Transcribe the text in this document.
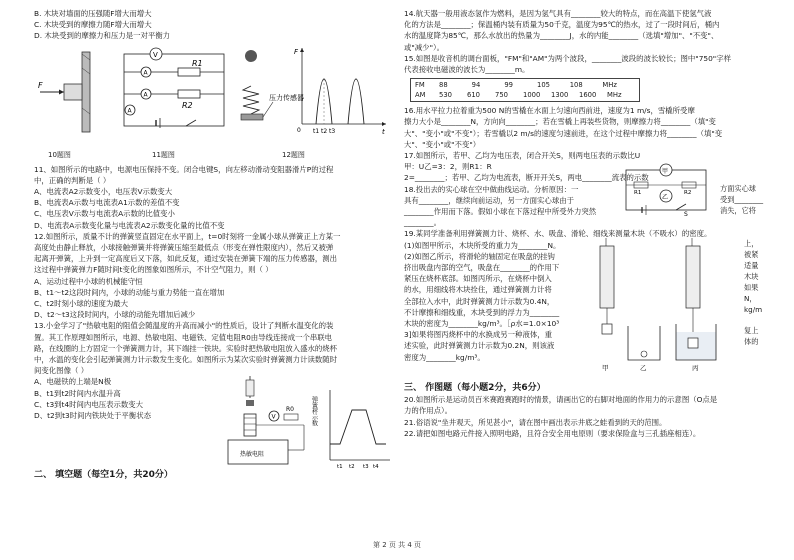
B. 木块对墙面的压强随F增大而增大

C. 木块受到的摩擦力随F增大而增大

D. 木块受到的摩擦力和压力是一对平衡力

F
V
R1
A
R2
A
A
压力传感器
F
t
0 t1 t2 t3
10题图	11题图	12题图

11、如图所示的电路中，电源电压保持不变。闭合电键S，向左移动滑动变阻器滑片P的过程

中，正确的判断是（ ）

A、电流表A2示数变小，电压表V示数变大

B、电流表A示数与电流表A1示数的差值不变

C、电压表V示数与电流表A示数的比值变小

D、电流表A示数变化量与电流表A2示数变化量的比值不变

12.如图所示，质量不计的弹簧竖直固定在水平面上，t=0时刻将一金属小球从弹簧正上方某一

高度处由静止释放，小球接触弹簧并将弹簧压缩至最低点（形变在弹性限度内），然后又被弹

起离开弹簧，上升到一定高度后又下落，如此反复，通过安装在弹簧下端的压力传感器，测出

这过程中弹簧弹力F随时间t变化的图象如图所示，不计空气阻力，则（ ）

A、运动过程中小球的机械能守恒

B、t1～t2这段时间内，小球的动能与重力势能一直在增加

C、t2时刻小球的速度为最大

D、t2～t3这段时间内，小球的动能先增加后减少

13.小金学习了"热敏电阻的阻值会随温度的升高而减小"的性质后，设计了判断水温变化的装

置。其工作原理如图所示，电源、热敏电阻、电磁铁、定值电阻R0由导线连接成一个串联电

路，在线圈的上方固定一个弹簧测力计，其下端挂一铁块。实验时把热敏电阻放入盛水的烧杯

中，水温的变化会引起弹簧测力计示数发生变化。如图所示为某次实验时弹簧测力计读数随时

间变化图像（ ）

A、电磁铁的上端是N极

B、t1到t2时间内水温升高

C、t3到t4时间内电压表示数变大

D、t2到t3时间内铁块处于平衡状态	V
R0
热敏电阻
弹簧秤示数
t1 t2 t3 t4

二、 填空题（每空1分，共20分）

14.航天器一般用液态氢作为燃料，是因为氢气具有________较大的特点，而在高温下使氢气液

化的方法是________；保温桶内装有质量为50千克，温度为95℃的热水，过了一段时间后，桶内

水的温度降为85℃，那么水放出的热量为________J，水的内能________（选填"增加"、"不变"、

或"减少"）。

15.如图是收音机的调台面板，"FM"和"AM"为两个波段，________波段的波长较长；图中"750"字样

代表接收电磁波的波长为________m。

FM	88	94	99	105	108	MHz
AM	530	610	750	1000	1300	1600	MHz

16.用水平拉力拉着重为500 N的雪橇在水面上匀速向西前进，速度为1 m/s，雪橇所受摩

擦力大小是________N，方向向________；若在雪橇上再装些货物，则摩擦力将________（填"变

大"、"变小"或"不变"）；若雪橇以2 m/s的速度匀速前进，在这个过程中摩擦力将________（填"变

大"、"变小"或"不变"）

17.如图所示，若甲、乙均为电压表，闭合开关S，则两电压表的示数比U甲：U乙=3：2，则R1：R

2=________；若甲、乙均为电流表，断开开关S，两电________流表的示数

18.投出去的实心球在空中做曲线运动。分析原因：一

具有________，继续向前运动，另一方面实心球由于

________作用而下落。假如小球在下落过程中所受外力突然

________。

甲
R1	R2
乙
S
方面实心球
受到________
消失，它将

19.某同学准备利用弹簧测力计、烧杯、水、吸盘、滑轮、细线来测量木块（不吸水）的密度。

(1)如图甲所示，木块所受的重力为________N。

(2)如图乙所示，将滑轮的轴固定在吸盘的挂钩

挤出吸盘内部的空气，吸盘在________的作用下

紧压在烧杯底部。如图丙所示，在烧杯中倒入

的水，用细线将木块拴住，通过弹簧测力计将

全部拉入水中，此时弹簧测力计示数为0.4N，

不计摩擦和细线重，木块受到的浮力为________

木块的密度为________kg/m³。［ρ水=1.0×10³

3]如果将图丙烧杯中的水换成另一种液体，重

述实验，此时弹簧测力计示数为0.2N，则该液

密度为________kg/m³。

甲	乙	丙
上，
被紧
适量
木块
如果
N，
kg/m
复上
体的

三、 作图题（每小题2分，共6分）

20.如图所示是运动员百米赛跑赛跑时的情景，请画出它的右脚对地面的作用力的示意图（O点是

力的作用点）。

21.俗语说"坐井观天，所见甚小"，请在图中画出表示井底之蛙看到的天的范围。

22.请把如图电路元件接入照明电路，且符合安全用电原则（要求保险盒与三孔插座相连）。

第 2 页 共 4 页
